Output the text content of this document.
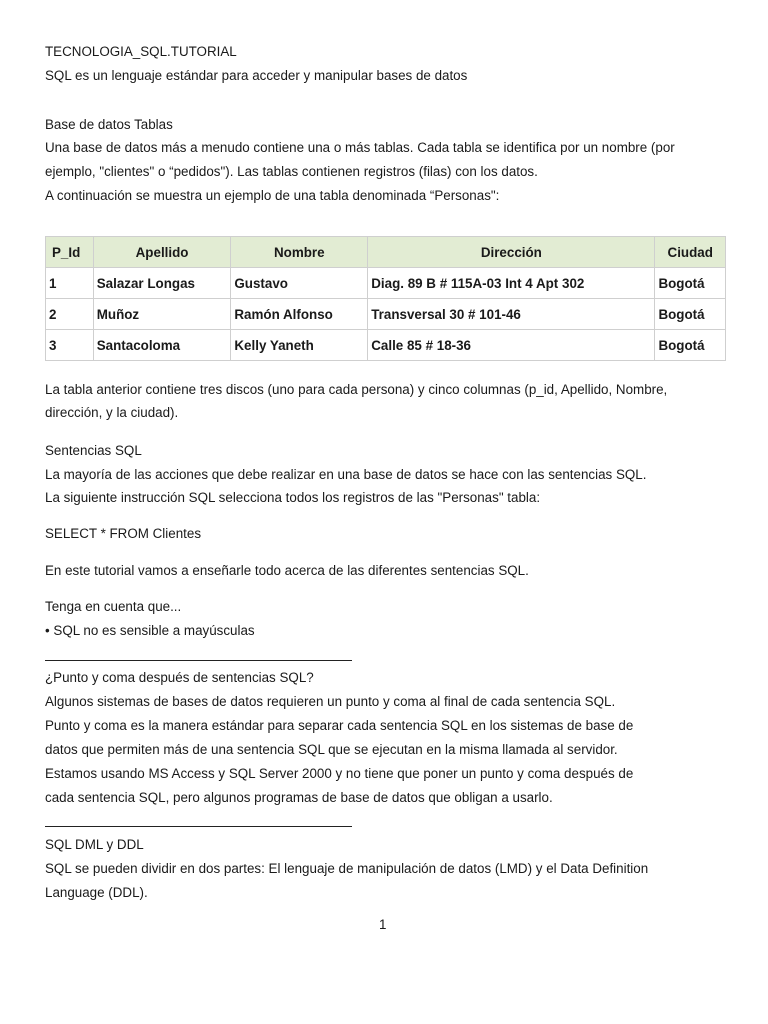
TECNOLOGIA_SQL.TUTORIAL
SQL es un lenguaje estándar para acceder y manipular bases de datos
Base de datos Tablas
Una base de datos más a menudo contiene una o más tablas. Cada tabla se identifica por un nombre (por
ejemplo, "clientes" o “pedidos"). Las tablas contienen registros (filas) con los datos.
A continuación se muestra un ejemplo de una tabla denominada “Personas":
P_Id	Apellido	Nombre	Dirección	Ciudad
1	Salazar Longas	Gustavo	Diag. 89 B # 115A-03 Int 4 Apt 302	Bogotá
2	Muñoz	Ramón Alfonso	Transversal 30 # 101-46	Bogotá
3	Santacoloma	Kelly Yaneth	Calle 85 # 18-36	Bogotá
La tabla anterior contiene tres discos (uno para cada persona) y cinco columnas (p_id, Apellido, Nombre,
dirección, y la ciudad).
Sentencias SQL
La mayoría de las acciones que debe realizar en una base de datos se hace con las sentencias SQL.
La siguiente instrucción SQL selecciona todos los registros de las "Personas" tabla:
SELECT * FROM Clientes
En este tutorial vamos a enseñarle todo acerca de las diferentes sentencias SQL.
Tenga en cuenta que...
• SQL no es sensible a mayúsculas
¿Punto y coma después de sentencias SQL?
Algunos sistemas de bases de datos requieren un punto y coma al final de cada sentencia SQL.
Punto y coma es la manera estándar para separar cada sentencia SQL en los sistemas de base de
datos que permiten más de una sentencia SQL que se ejecutan en la misma llamada al servidor.
Estamos usando MS Access y SQL Server 2000 y no tiene que poner un punto y coma después de
cada sentencia SQL, pero algunos programas de base de datos que obligan a usarlo.
SQL DML y DDL
SQL se pueden dividir en dos partes: El lenguaje de manipulación de datos (LMD) y el Data Definition
Language (DDL).
1
